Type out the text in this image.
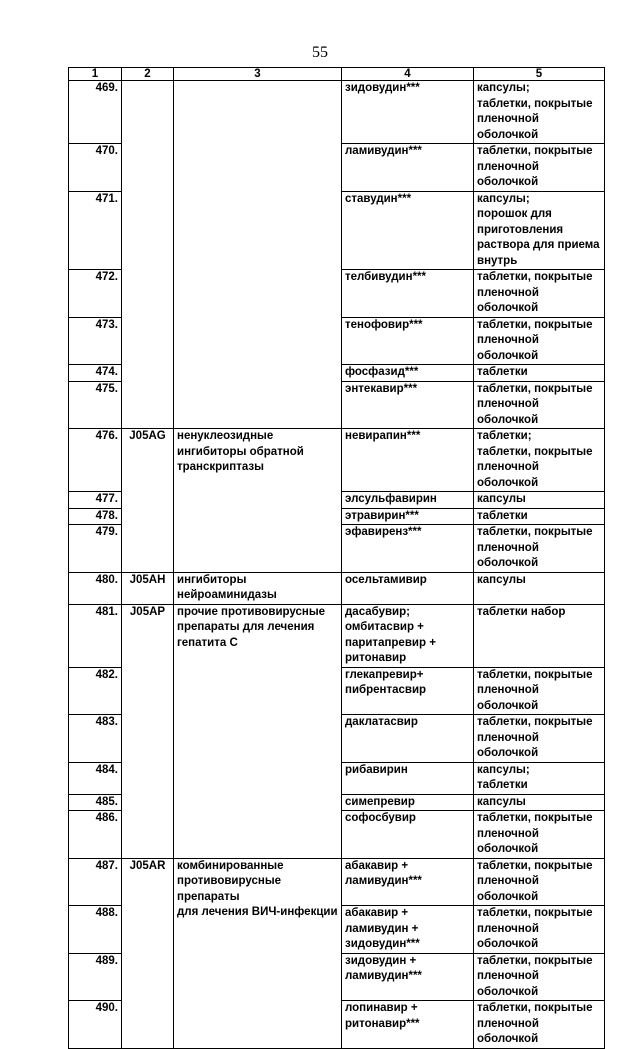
55
1	2	3	4	5
469.			зидовудин***	капсулы;
таблетки, покрытые
пленочной оболочкой
470.			ламивудин***	таблетки, покрытые
пленочной оболочкой
471.			ставудин***	капсулы;
порошок для
приготовления
раствора для приема
внутрь
472.			телбивудин***	таблетки, покрытые
пленочной оболочкой
473.			тенофовир***	таблетки, покрытые
пленочной оболочкой
474.			фосфазид***	таблетки
475.			энтекавир***	таблетки, покрытые
пленочной оболочкой
476.	J05AG	ненуклеозидные
ингибиторы обратной
транскриптазы	невирапин***	таблетки;
таблетки, покрытые
пленочной оболочкой
477.			элсульфавирин	капсулы
478.			этравирин***	таблетки
479.			эфавиренз***	таблетки, покрытые
пленочной оболочкой
480.	J05AH	ингибиторы
нейроаминидазы	осельтамивир	капсулы
481.	J05AP	прочие противовирусные
препараты для лечения
гепатита С	дасабувир;
омбитасвир +
паритапревир +
ритонавир	таблетки набор
482.			глекапревир+
пибрентасвир	таблетки, покрытые
пленочной оболочкой
483.			даклатасвир	таблетки, покрытые
пленочной оболочкой
484.			рибавирин	капсулы;
таблетки
485.			симепревир	капсулы
486.			софосбувир	таблетки, покрытые
пленочной оболочкой
487.	J05AR	комбинированные
противовирусные препараты
для лечения ВИЧ-инфекции	абакавир +
ламивудин***	таблетки, покрытые
пленочной оболочкой
488.			абакавир +
ламивудин +
зидовудин***	таблетки, покрытые
пленочной оболочкой
489.			зидовудин +
ламивудин***	таблетки, покрытые
пленочной оболочкой
490.			лопинавир +
ритонавир***	таблетки, покрытые
пленочной оболочкой
